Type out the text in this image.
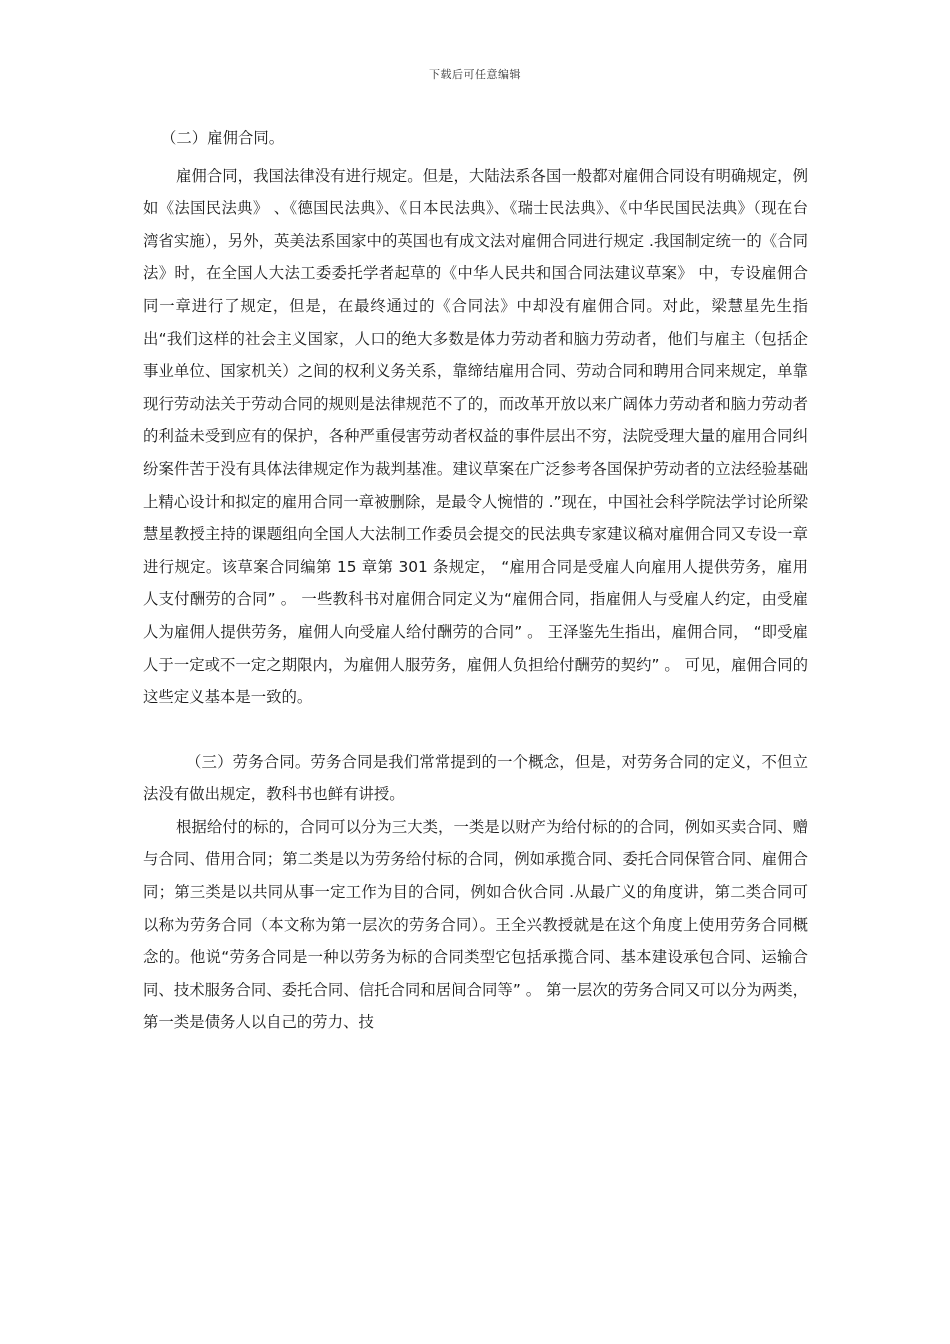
下载后可任意编辑

（二）雇佣合同。

雇佣合同，我国法律没有进行规定。但是，大陆法系各国一般都对雇佣合同设有明确规定，例如《法国民法典》 、《德国民法典》、《日本民法典》、《瑞士民法典》、《中华民国民法典》（现在台湾省实施），另外，英美法系国家中的英国也有成文法对雇佣合同进行规定 .我国制定统一的《合同法》时，在全国人大法工委委托学者起草的《中华人民共和国合同法建议草案》 中，专设雇佣合同一章进行了规定，但是，在最终通过的《合同法》中却没有雇佣合同。对此，梁慧星先生指出“我们这样的社会主义国家，人口的绝大多数是体力劳动者和脑力劳动者，他们与雇主（包括企事业单位、国家机关）之间的权利义务关系，靠缔结雇用合同、劳动合同和聘用合同来规定，单靠现行劳动法关于劳动合同的规则是法律规范不了的，而改革开放以来广阔体力劳动者和脑力劳动者的利益未受到应有的保护，各种严重侵害劳动者权益的事件层出不穷，法院受理大量的雇用合同纠纷案件苦于没有具体法律规定作为裁判基准。建议草案在广泛参考各国保护劳动者的立法经验基础上精心设计和拟定的雇用合同一章被删除，是最令人惋惜的 .”现在，中国社会科学院法学讨论所梁慧星教授主持的课题组向全国人大法制工作委员会提交的民法典专家建议稿对雇佣合同又专设一章进行规定。该草案合同编第 15 章第 301 条规定， “雇用合同是受雇人向雇用人提供劳务，雇用人支付酬劳的合同” 。 一些教科书对雇佣合同定义为“雇佣合同，指雇佣人与受雇人约定，由受雇人为雇佣人提供劳务，雇佣人向受雇人给付酬劳的合同” 。 王泽鉴先生指出，雇佣合同， “即受雇人于一定或不一定之期限内，为雇佣人服劳务，雇佣人负担给付酬劳的契约” 。 可见，雇佣合同的这些定义基本是一致的。

（三）劳务合同。劳务合同是我们常常提到的一个概念，但是，对劳务合同的定义，不但立法没有做出规定，教科书也鲜有讲授。

根据给付的标的，合同可以分为三大类，一类是以财产为给付标的的合同，例如买卖合同、赠与合同、借用合同；第二类是以为劳务给付标的合同，例如承揽合同、委托合同保管合同、雇佣合同；第三类是以共同从事一定工作为目的合同，例如合伙合同 .从最广义的角度讲，第二类合同可以称为劳务合同（本文称为第一层次的劳务合同）。王全兴教授就是在这个角度上使用劳务合同概念的。他说“劳务合同是一种以劳务为标的合同类型它包括承揽合同、基本建设承包合同、运输合同、技术服务合同、委托合同、信托合同和居间合同等” 。 第一层次的劳务合同又可以分为两类，第一类是债务人以自己的劳力、技
